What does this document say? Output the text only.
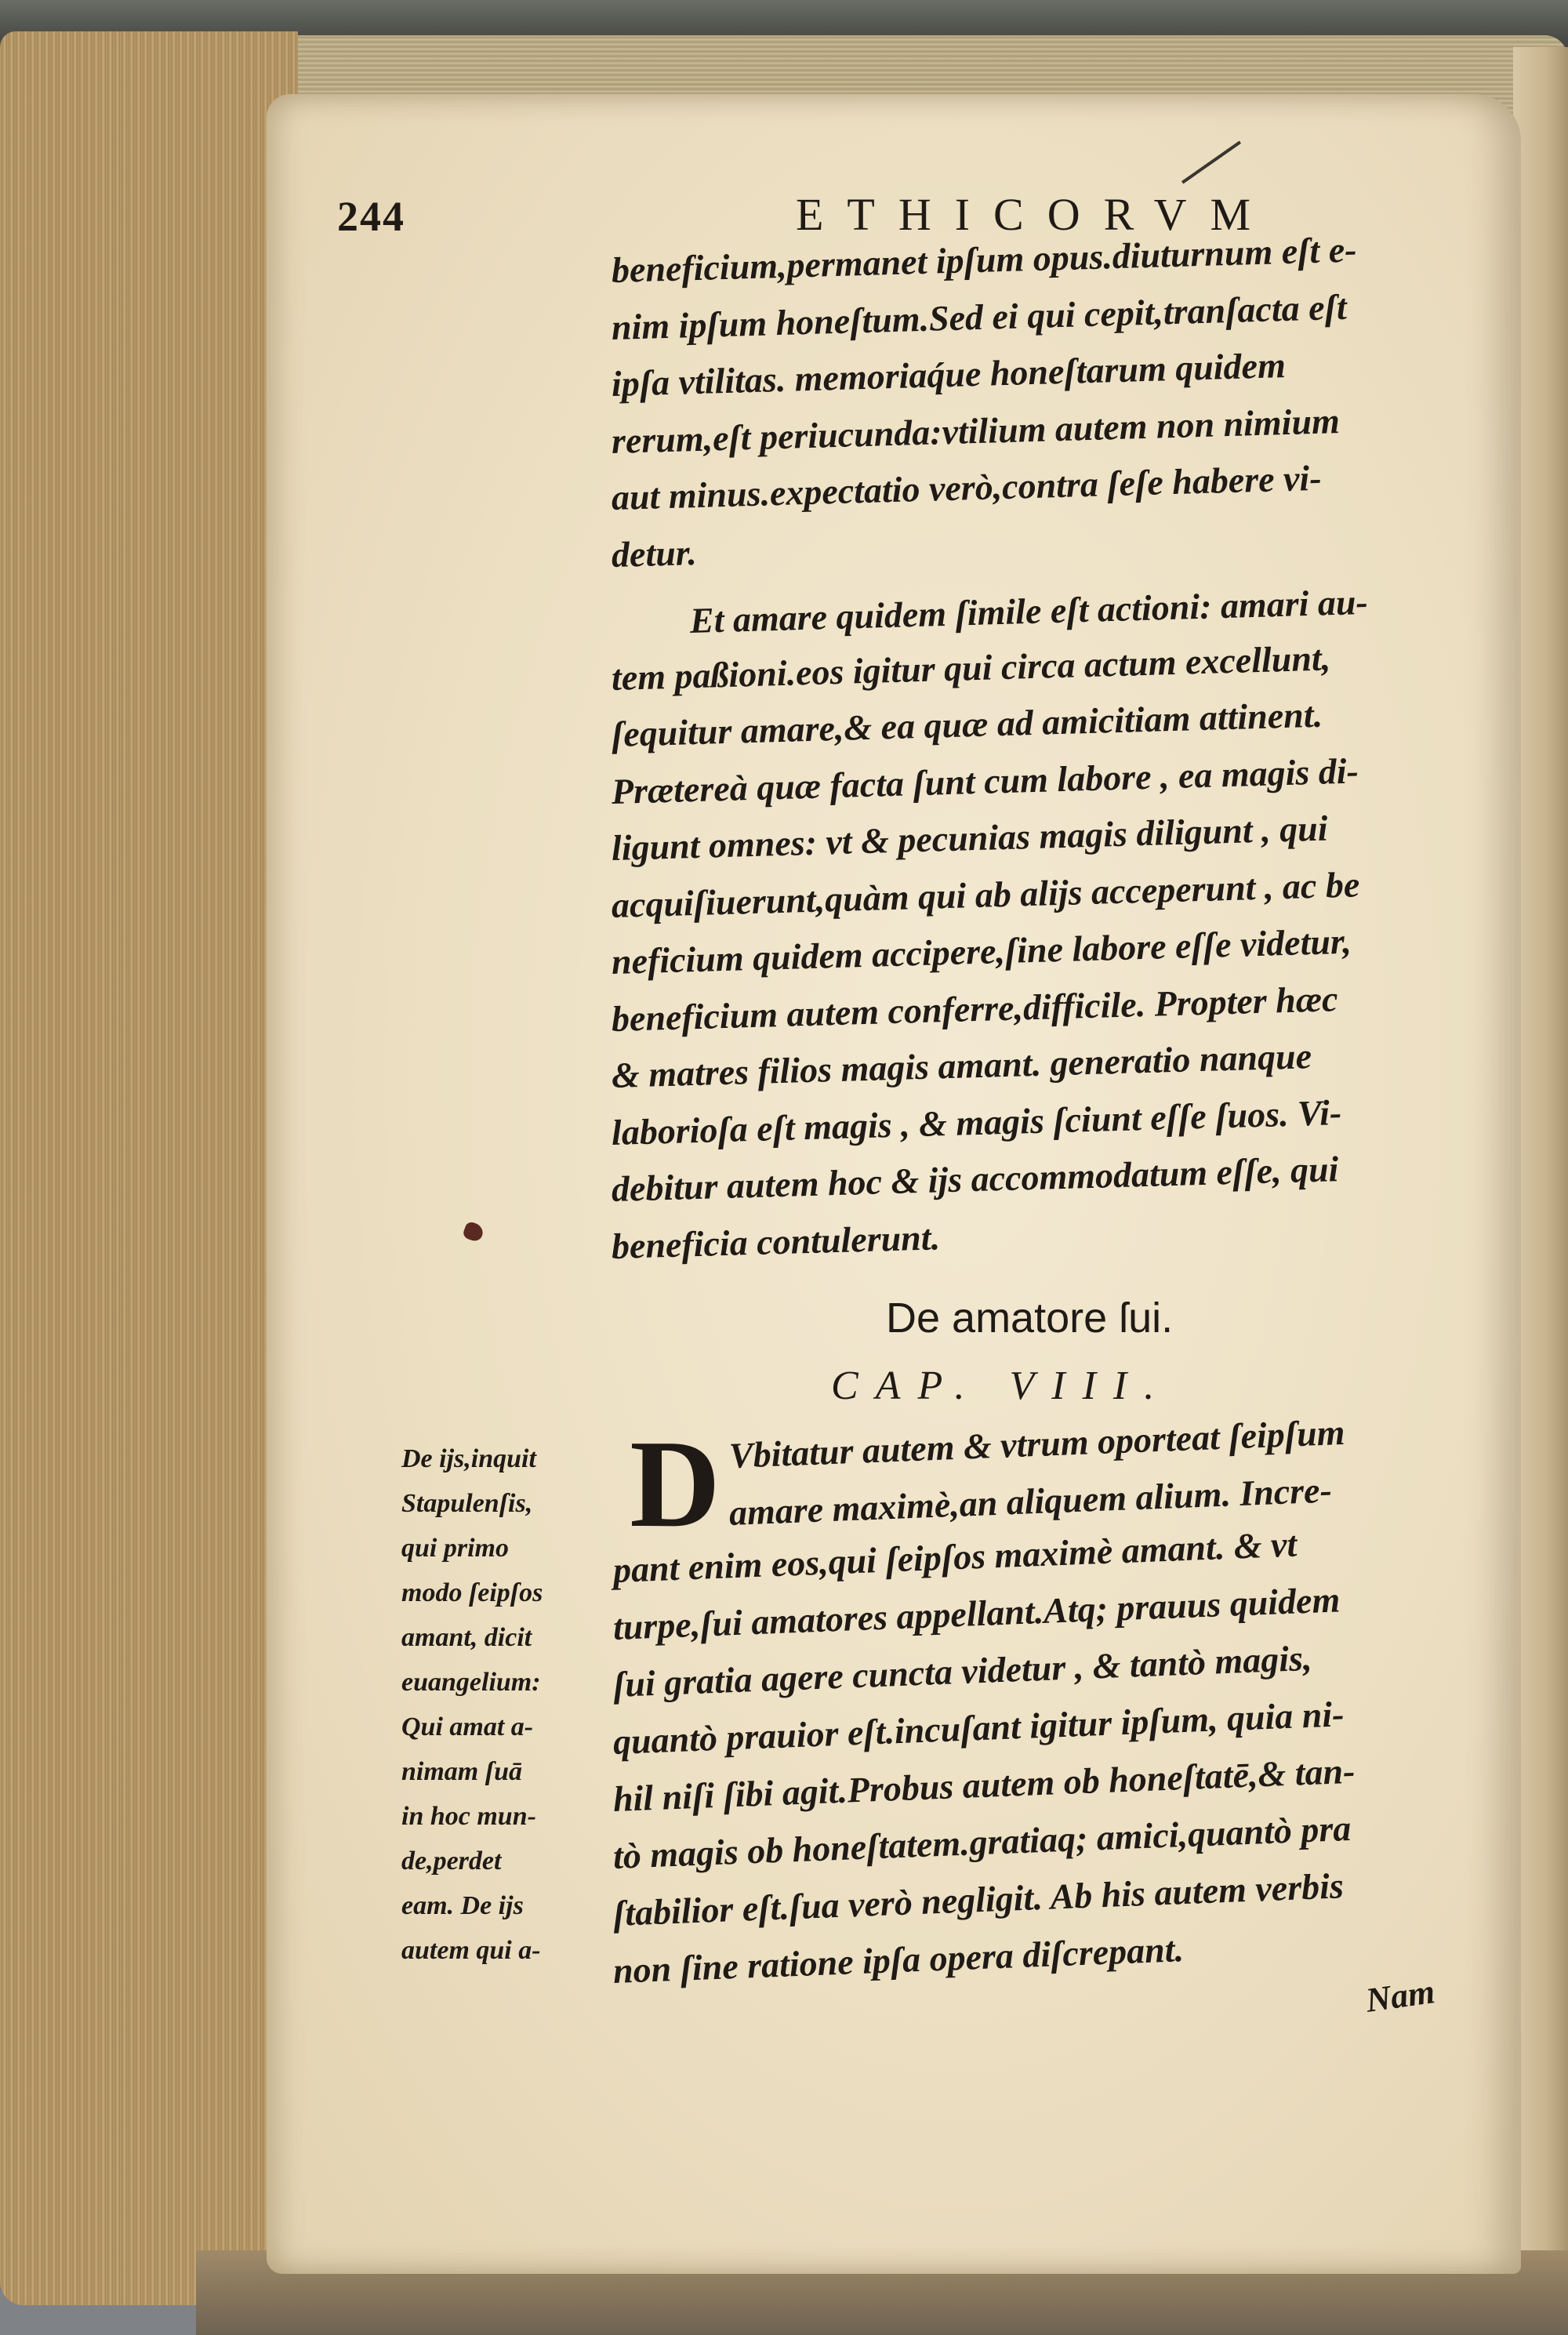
244	ETHICORVM
beneficium,permanet ipſum opus.diuturnum eſt e-
nim ipſum honeſtum.Sed ei qui cepit,tranſacta eſt
ipſa vtilitas. memoriaq́ue honeſtarum quidem
rerum,eſt periucunda:vtilium autem non nimium
aut minus.expectatio verò,contra ſeſe habere vi-
detur.
Et amare quidem ſimile eſt actioni: amari au-
tem paßioni.eos igitur qui circa actum excellunt,
ſequitur amare,& ea quæ ad amicitiam attinent.
Prætereà quæ facta ſunt cum labore , ea magis di-
ligunt omnes: vt & pecunias magis diligunt , qui
acquiſiuerunt,quàm qui ab alijs acceperunt , ac be
neficium quidem accipere,ſine labore eſſe videtur,
beneficium autem conferre,difficile. Propter hæc
& matres filios magis amant. generatio nanque
laborioſa eſt magis , & magis ſciunt eſſe ſuos. Vi-
debitur autem hoc & ijs accommodatum eſſe, qui
beneficia contulerunt.
De amatore ſui.
CAP. VIII.
D Vbitatur autem & vtrum oporteat ſeipſum
amare maximè,an aliquem alium. Incre-
pant enim eos,qui ſeipſos maximè amant. & vt
turpe,ſui amatores appellant.Atq; prauus quidem
ſui gratia agere cuncta videtur , & tantò magis,
quantò prauior eſt.incuſant igitur ipſum, quia ni-
hil niſi ſibi agit.Probus autem ob honeſtatē,& tan-
tò magis ob honeſtatem.gratiaq; amici,quantò pra
ſtabilior eſt.ſua verò negligit. Ab his autem verbis
non ſine ratione ipſa opera diſcrepant.
De ijs,inquit
Stapulenſis,
qui primo
modo ſeipſos
amant, dicit
euangelium:
Qui amat a-
nimam ſuā
in hoc mun-
de,perdet
eam. De ijs
autem qui a-
Nam
